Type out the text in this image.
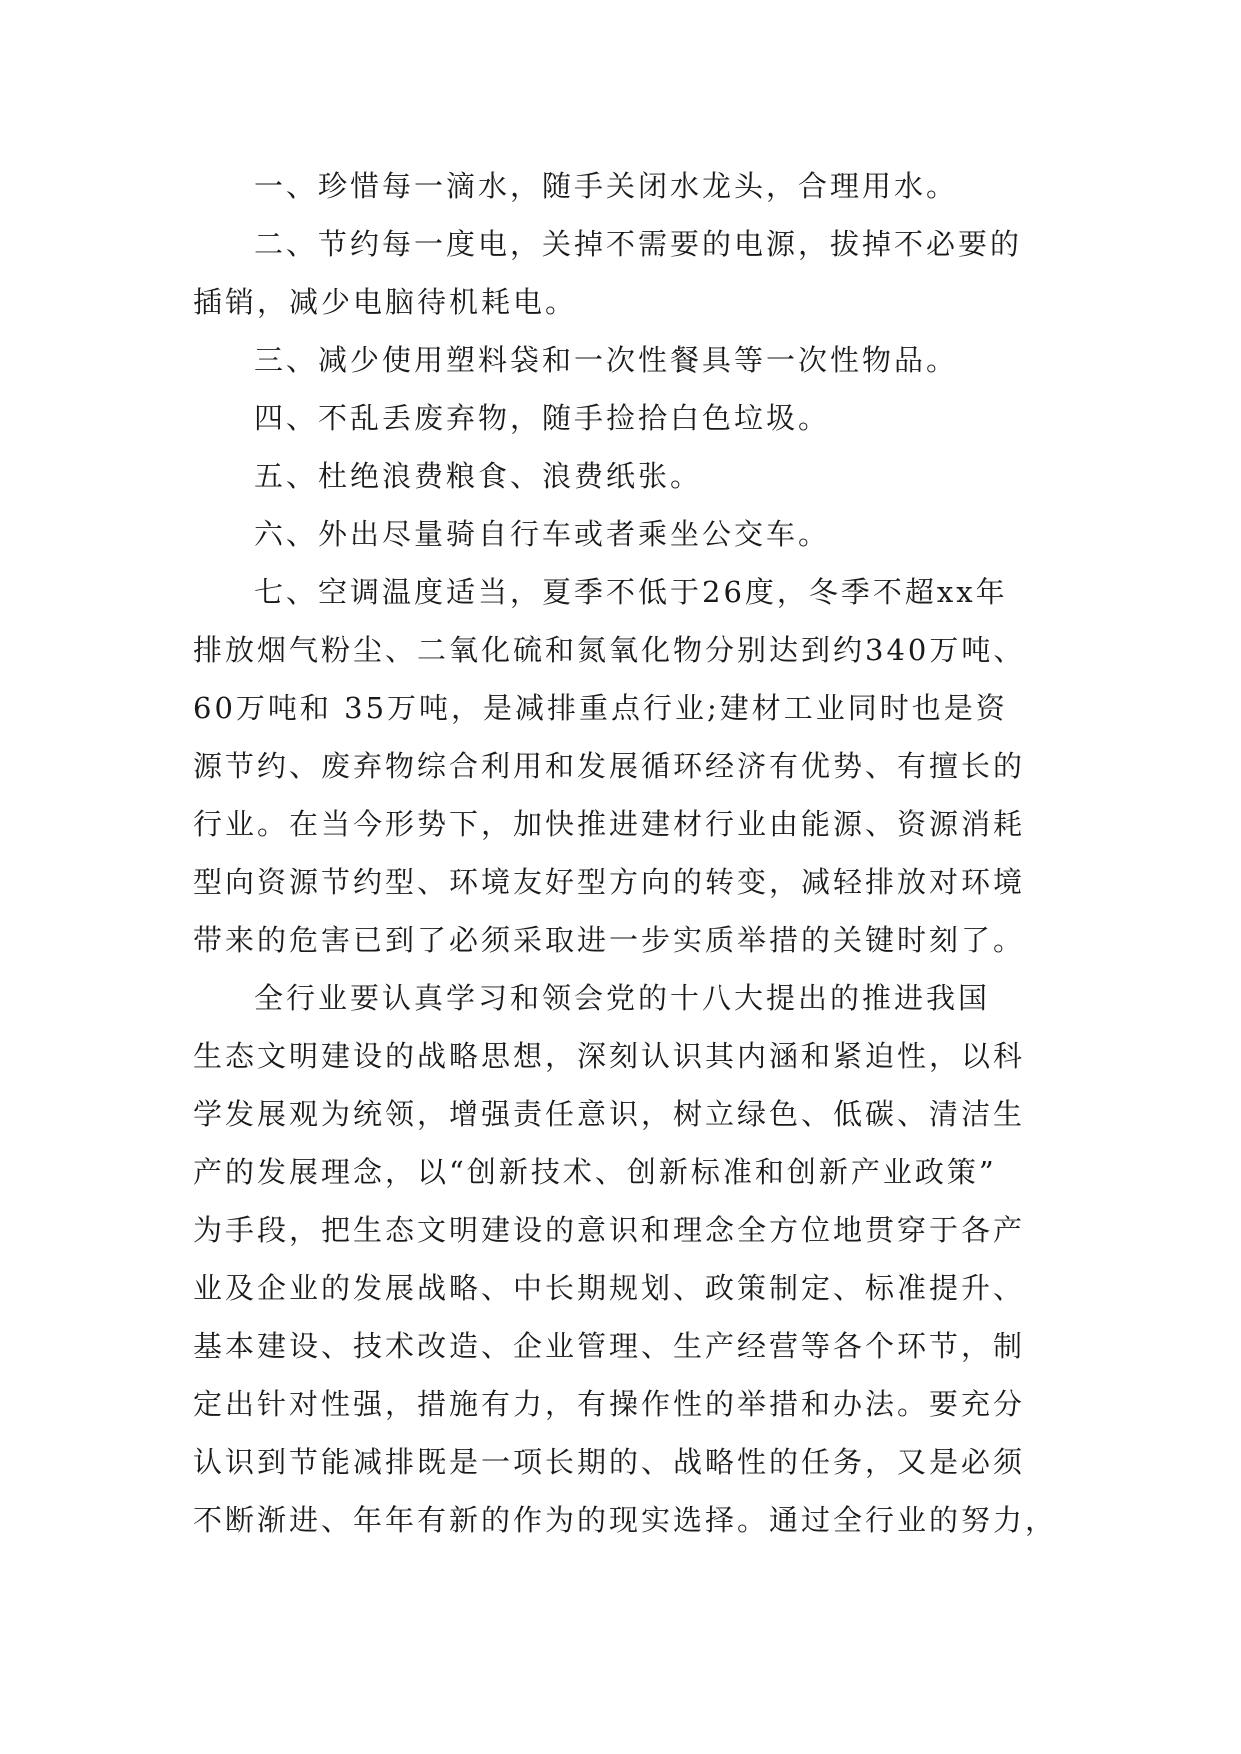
一、珍惜每一滴水，随手关闭水龙头，合理用水。
二、节约每一度电，关掉不需要的电源，拔掉不必要的
插销，减少电脑待机耗电。
三、减少使用塑料袋和一次性餐具等一次性物品。
四、不乱丢废弃物，随手捡拾白色垃圾。
五、杜绝浪费粮食、浪费纸张。
六、外出尽量骑自行车或者乘坐公交车。
七、空调温度适当，夏季不低于26度，冬季不超xx年
排放烟气粉尘、二氧化硫和氮氧化物分别达到约340万吨、
60万吨和 35万吨，是减排重点行业;建材工业同时也是资
源节约、废弃物综合利用和发展循环经济有优势、有擅长的
行业。在当今形势下，加快推进建材行业由能源、资源消耗
型向资源节约型、环境友好型方向的转变，减轻排放对环境
带来的危害已到了必须采取进一步实质举措的关键时刻了。
全行业要认真学习和领会党的十八大提出的推进我国
生态文明建设的战略思想，深刻认识其内涵和紧迫性，以科
学发展观为统领，增强责任意识，树立绿色、低碳、清洁生
产的发展理念，以“创新技术、创新标准和创新产业政策”
为手段，把生态文明建设的意识和理念全方位地贯穿于各产
业及企业的发展战略、中长期规划、政策制定、标准提升、
基本建设、技术改造、企业管理、生产经营等各个环节，制
定出针对性强，措施有力，有操作性的举措和办法。要充分
认识到节能减排既是一项长期的、战略性的任务，又是必须
不断渐进、年年有新的作为的现实选择。通过全行业的努力，
